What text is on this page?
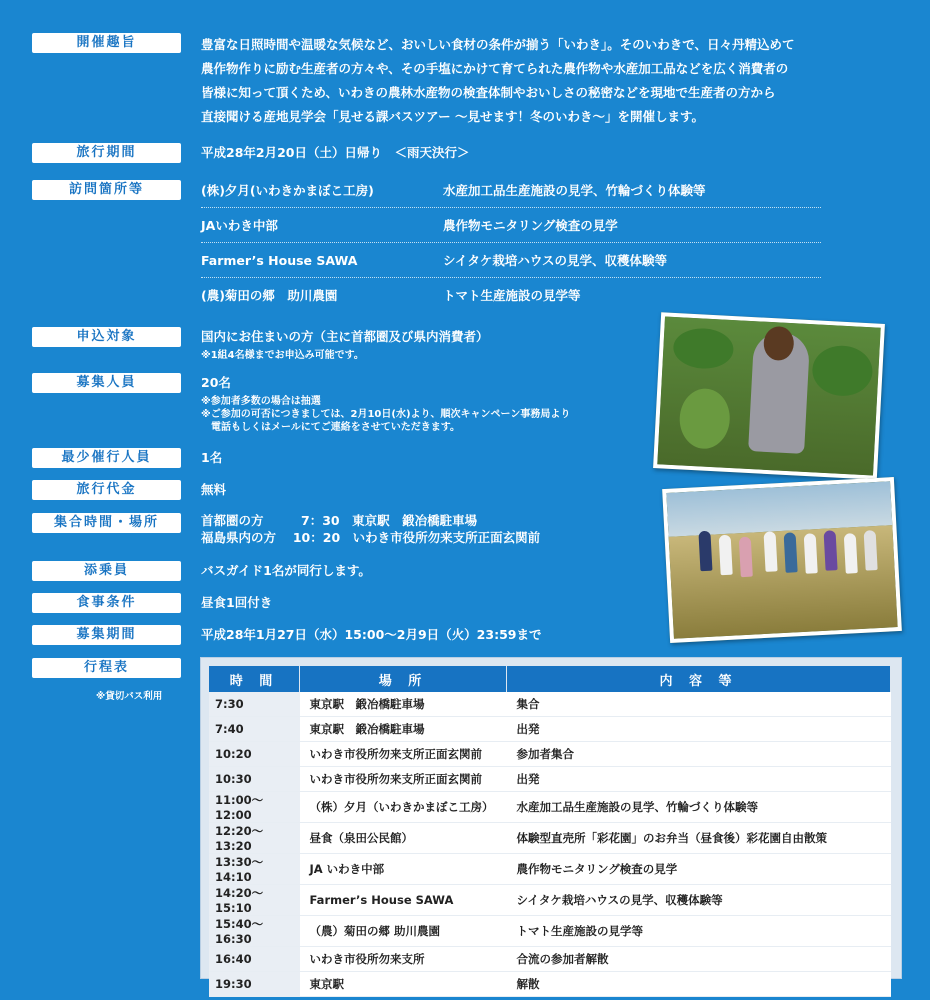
開催趣旨	豊富な日照時間や温暖な気候など、おいしい食材の条件が揃う「いわき」。そのいわきで、日々丹精込めて
農作物作りに励む生産者の方々や、その手塩にかけて育てられた農作物や水産加工品などを広く消費者の
皆様に知って頂くため、いわきの農林水産物の検査体制やおいしさの秘密などを現地で生産者の方から
直接聞ける産地見学会「見せる課バスツアー ～見せます！冬のいわき～」を開催します。
旅行期間	平成28年2月20日（土）日帰り　＜雨天決行＞
訪問箇所等	(株)夕月(いわきかまぼこ工房)	水産加工品生産施設の見学、竹輪づくり体験等
JAいわき中部	農作物モニタリング検査の見学
Farmer’s House SAWA	シイタケ栽培ハウスの見学、収穫体験等
(農)菊田の郷　助川農園	トマト生産施設の見学等
申込対象	国内にお住まいの方（主に首都圏及び県内消費者）
※1組4名様までお申込み可能です。
募集人員	20名
※参加者多数の場合は抽選
※ご参加の可否につきましては、2月10日(水)より、順次キャンペーン事務局より
　電話もしくはメールにてご連絡をさせていただきます。
最少催行人員	1名
旅行代金	無料
集合時間・場所	首都圏の方　　　7：30　東京駅　鍛冶橋駐車場
福島県内の方　 10：20　いわき市役所勿来支所正面玄関前
添乗員	バスガイド1名が同行します。
食事条件	昼食1回付き
募集期間	平成28年1月27日（水）15:00～2月9日（火）23:59まで
行程表
※貸切バス利用
時 間	場 所	内 容 等
7:30	東京駅　鍛冶橋駐車場	集合
7:40	東京駅　鍛冶橋駐車場	出発
10:20	いわき市役所勿来支所正面玄関前	参加者集合
10:30	いわき市役所勿来支所正面玄関前	出発
11:00～12:00	（株）夕月（いわきかまぼこ工房）	水産加工品生産施設の見学、竹輪づくり体験等
12:20～13:20	昼食（泉田公民館）	体験型直売所「彩花園」のお弁当（昼食後）彩花園自由散策
13:30～14:10	JA いわき中部	農作物モニタリング検査の見学
14:20～15:10	Farmer’s House SAWA	シイタケ栽培ハウスの見学、収穫体験等
15:40～16:30	（農）菊田の郷 助川農園	トマト生産施設の見学等
16:40	いわき市役所勿来支所	合流の参加者解散
19:30	東京駅	解散
